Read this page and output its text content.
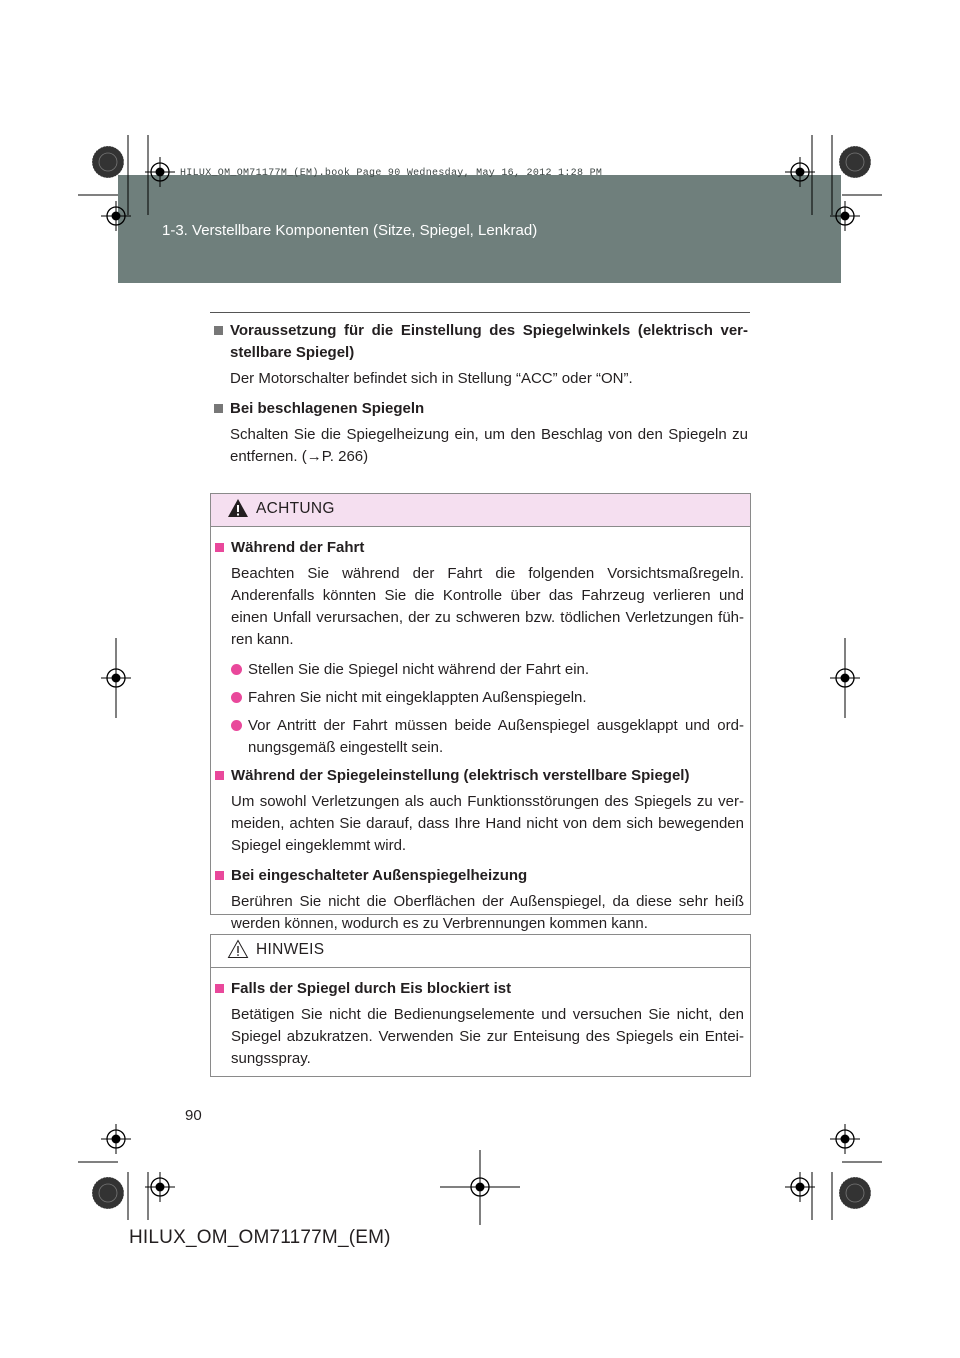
1-3. Verstellbare Komponenten (Sitze, Spiegel, Lenkrad)
HILUX_OM_OM71177M_(EM).book Page 90 Wednesday, May 16, 2012 1:28 PM
Voraussetzung für die Einstellung des Spiegelwinkels (elektrisch ver-stellbare Spiegel)
Der Motorschalter befindet sich in Stellung “ACC” oder “ON”.
Bei beschlagenen Spiegeln
Schalten Sie die Spiegelheizung ein, um den Beschlag von den Spiegeln zu entfernen. (→P. 266)
ACHTUNG
Während der Fahrt
Beachten Sie während der Fahrt die folgenden Vorsichtsmaßregeln. Anderenfalls könnten Sie die Kontrolle über das Fahrzeug verlieren und einen Unfall verursachen, der zu schweren bzw. tödlichen Verletzungen füh-ren kann.
Stellen Sie die Spiegel nicht während der Fahrt ein.
Fahren Sie nicht mit eingeklappten Außenspiegeln.
Vor Antritt der Fahrt müssen beide Außenspiegel ausgeklappt und ord-nungsgemäß eingestellt sein.
Während der Spiegeleinstellung (elektrisch verstellbare Spiegel)
Um sowohl Verletzungen als auch Funktionsstörungen des Spiegels zu ver-meiden, achten Sie darauf, dass Ihre Hand nicht von dem sich bewegenden Spiegel eingeklemmt wird.
Bei eingeschalteter Außenspiegelheizung
Berühren Sie nicht die Oberflächen der Außenspiegel, da diese sehr heiß werden können, wodurch es zu Verbrennungen kommen kann.
HINWEIS
Falls der Spiegel durch Eis blockiert ist
Betätigen Sie nicht die Bedienungselemente und versuchen Sie nicht, den Spiegel abzukratzen. Verwenden Sie zur Enteisung des Spiegels ein Entei-sungsspray.
90
HILUX_OM_OM71177M_(EM)
